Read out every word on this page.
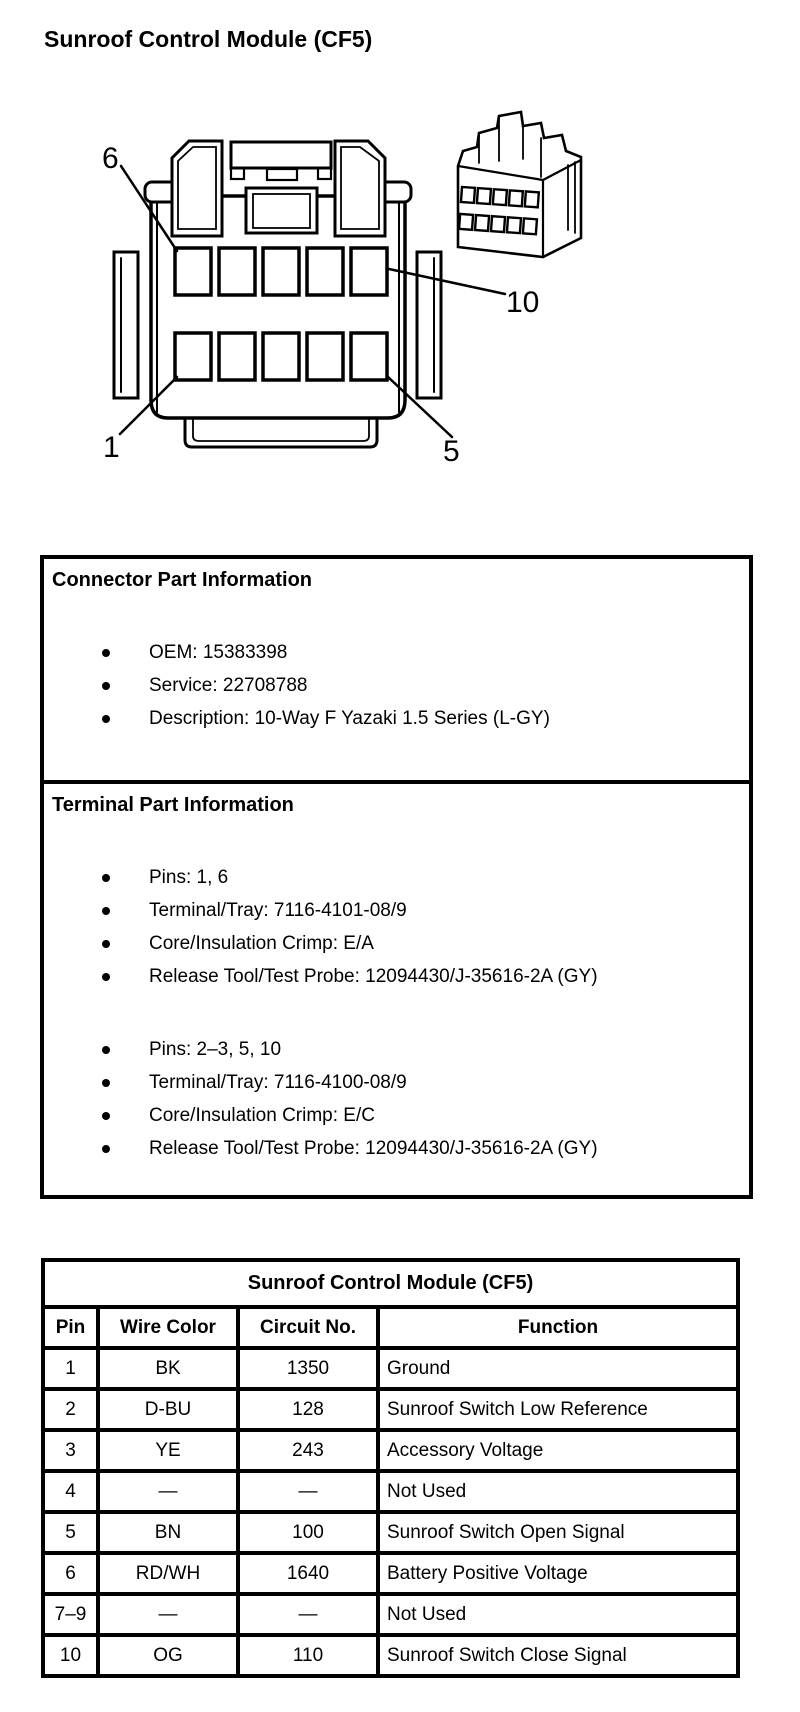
Sunroof Control Module (CF5)
6
10
1	5
Connector Part Information
OEM: 15383398
Service: 22708788
Description: 10-Way F Yazaki 1.5 Series (L-GY)
Terminal Part Information
Pins: 1, 6
Terminal/Tray: 7116-4101-08/9
Core/Insulation Crimp: E/A
Release Tool/Test Probe: 12094430/J-35616-2A (GY)
Pins: 2–3, 5, 10
Terminal/Tray: 7116-4100-08/9
Core/Insulation Crimp: E/C
Release Tool/Test Probe: 12094430/J-35616-2A (GY)
Sunroof Control Module (CF5)			
Pin	Wire Color	Circuit No.	Function
1	BK	1350	Ground
2	D-BU	128	Sunroof Switch Low Reference
3	YE	243	Accessory Voltage
4	—	—	Not Used
5	BN	100	Sunroof Switch Open Signal
6	RD/WH	1640	Battery Positive Voltage
7–9	—	—	Not Used
10	OG	110	Sunroof Switch Close Signal
